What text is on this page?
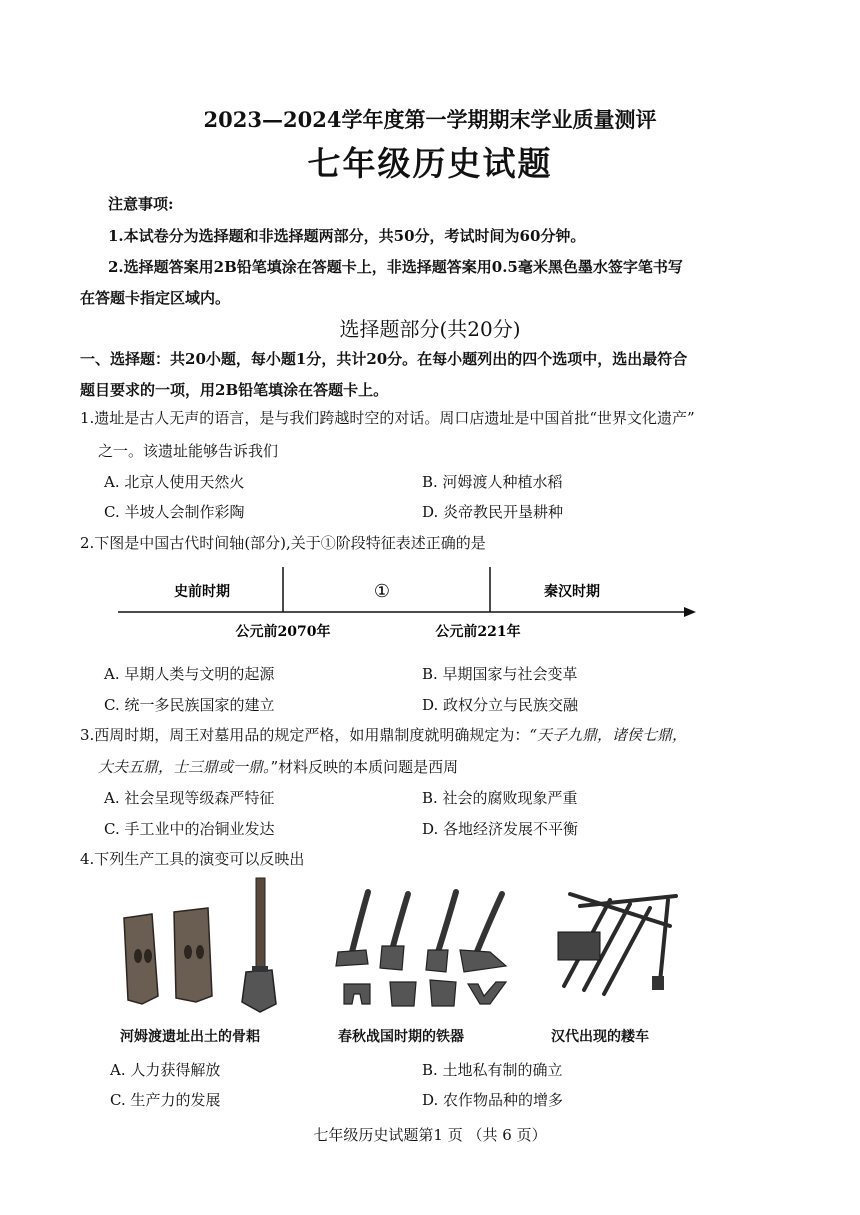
2023—2024学年度第一学期期末学业质量测评
七年级历史试题
注意事项:
1.本试卷分为选择题和非选择题两部分，共50分，考试时间为60分钟。
2.选择题答案用2B铅笔填涂在答题卡上，非选择题答案用0.5毫米黑色墨水签字笔书写
在答题卡指定区域内。
选择题部分(共20分)
一、选择题：共20小题，每小题1分，共计20分。在每小题列出的四个选项中，选出最符合
题目要求的一项，用2B铅笔填涂在答题卡上。
1.遗址是古人无声的语言，是与我们跨越时空的对话。周口店遗址是中国首批“世界文化遗产”
之一。该遗址能够告诉我们
A. 北京人使用天然火	B. 河姆渡人种植水稻
C. 半坡人会制作彩陶	D. 炎帝教民开垦耕种
2.下图是中国古代时间轴(部分),关于①阶段特征表述正确的是
史前时期	①	秦汉时期
公元前2070年	公元前221年
A. 早期人类与文明的起源	B. 早期国家与社会变革
C. 统一多民族国家的建立	D. 政权分立与民族交融
3.西周时期，周王对墓用品的规定严格，如用鼎制度就明确规定为：“天子九鼎，诸侯七鼎，
大夫五鼎，士三鼎或一鼎。”材料反映的本质问题是西周
A. 社会呈现等级森严特征	B. 社会的腐败现象严重
C. 手工业中的冶铜业发达	D. 各地经济发展不平衡
4.下列生产工具的演变可以反映出
河姆渡遗址出土的骨耜	春秋战国时期的铁器	汉代出现的耧车
A. 人力获得解放	B. 土地私有制的确立
C. 生产力的发展	D. 农作物品种的增多
七年级历史试题第1 页 （共 6 页）
